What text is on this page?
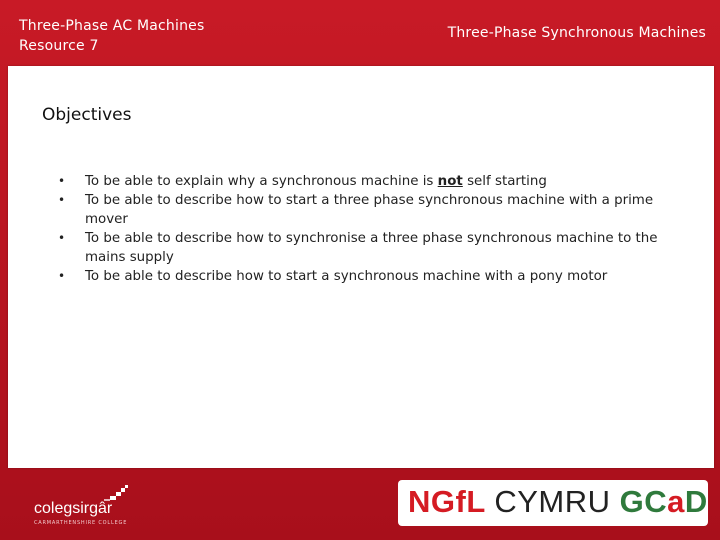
Three-Phase AC Machines
Resource 7
Three-Phase Synchronous Machines
Objectives
• To be able to explain why a synchronous machine is not self starting
• To be able to describe how to start a three phase synchronous machine with a prime mover
• To be able to describe how to synchronise a three phase synchronous machine to the mains supply
• To be able to describe how to start a synchronous machine with a pony motor
colegsirgâr
CARMARTHENSHIRE COLLEGE
NGfL CYMRU GCaD
